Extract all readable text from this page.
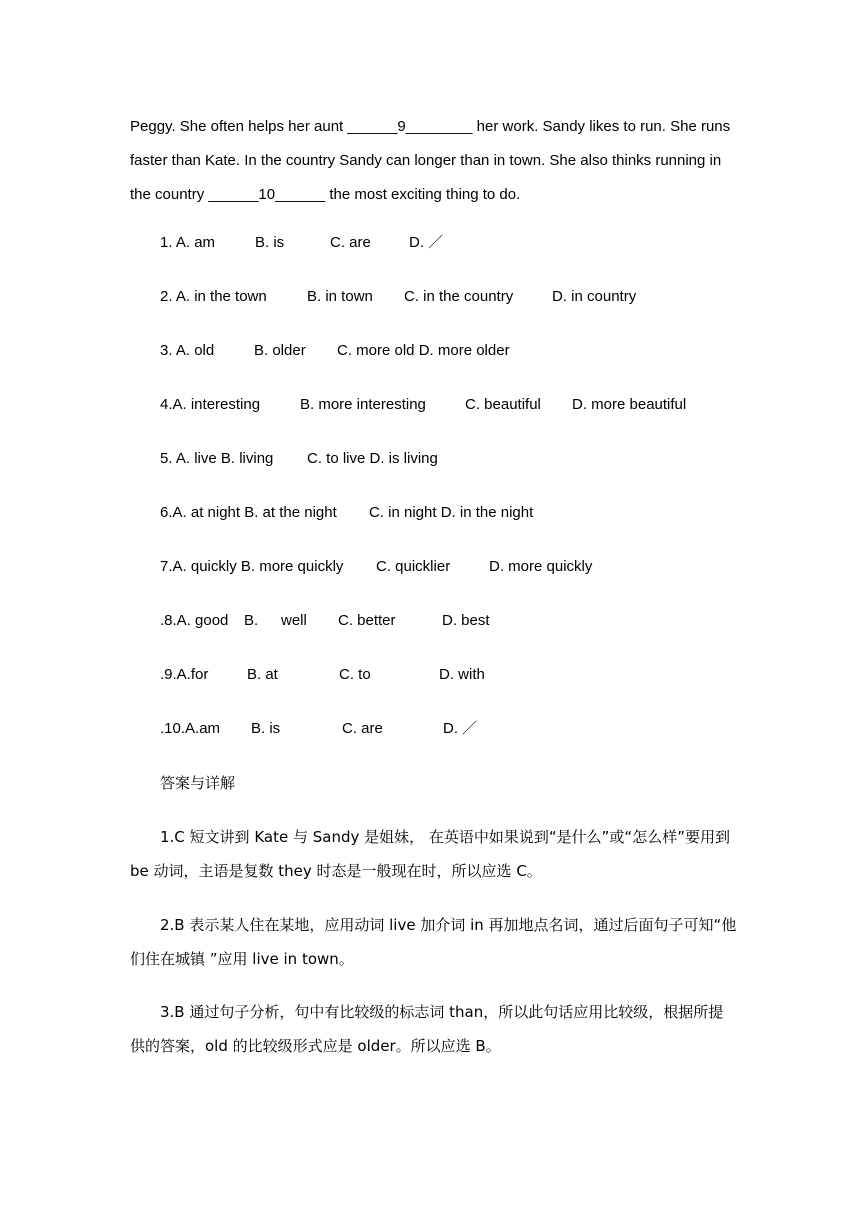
Peggy. She often helps her aunt ______9________ her work. Sandy likes to run. She runs

faster than Kate. In the country Sandy can longer than in town. She also thinks running in

the country ______10______ the most exciting thing to do.

1. A. am	B. is	C. are	D. ／
2. A. in the town	B. in town C. in the country	D. in country
3. A. old	B. older C. more old D. more older
4.A. interesting	B. more interesting	C. beautiful D. more beautiful
5. A. live B. living C. to live D. is living
6.A. at night B. at the night C. in night D. in the night
7.A. quickly B. more quickly C. quicklier	D. more quickly
.8.A. good B. well C. better	D. best
.9.A.for	B. at	C. to	D. with
.10.A.am B. is	C. are	D. ／
答案与详解
1.C 短文讲到 Kate 与 Sandy 是姐妹， 在英语中如果说到“是什么”或“怎么样”要用到
be 动词，主语是复数 they 时态是一般现在时，所以应选 C。
2.B 表示某人住在某地，应用动词 live 加介词 in 再加地点名词，通过后面句子可知“他
们住在城镇 ”应用 live in town。
3.B 通过句子分析，句中有比较级的标志词 than，所以此句话应用比较级，根据所提
供的答案，old 的比较级形式应是 older。所以应选 B。
